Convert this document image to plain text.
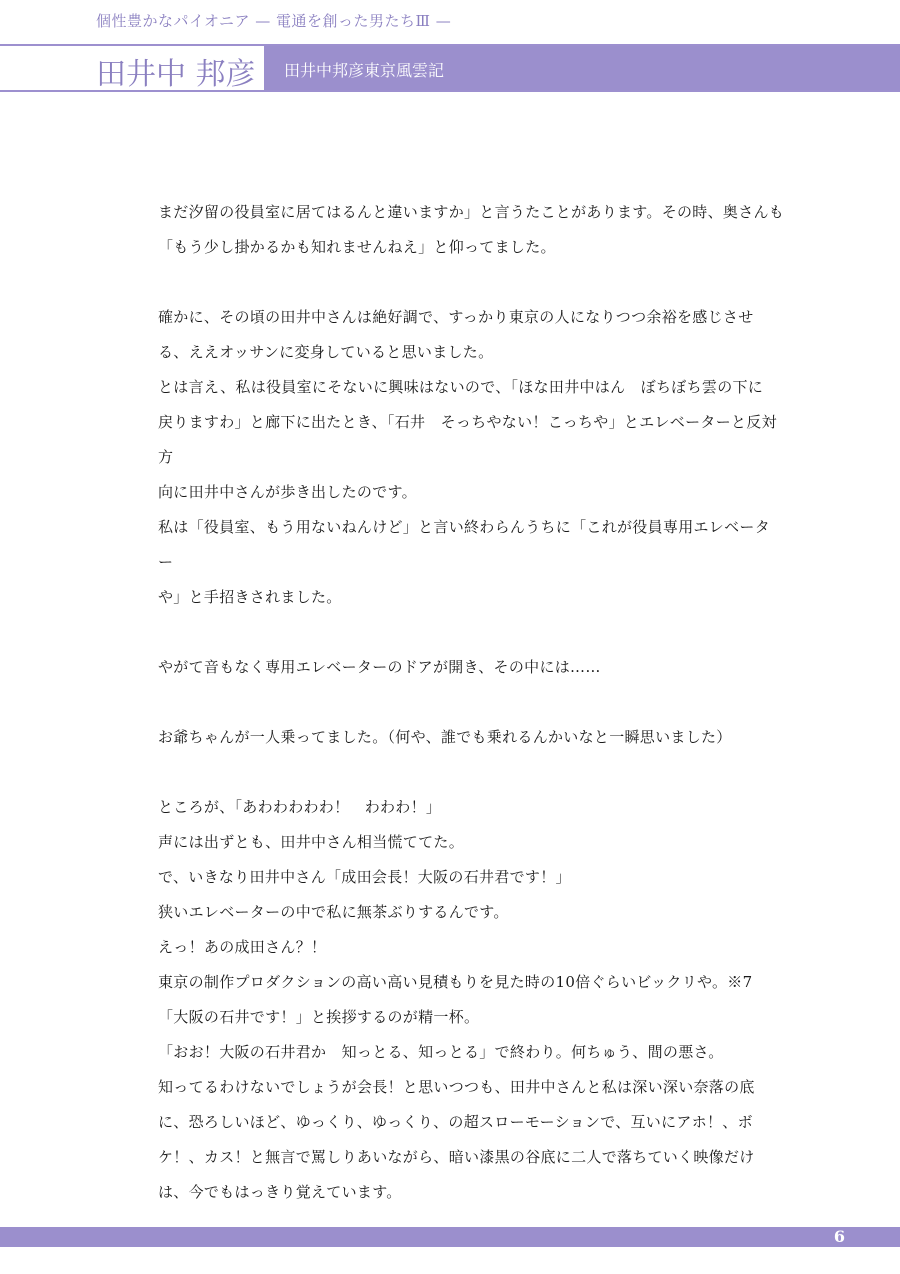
個性豊かなパイオニア — 電通を創った男たちⅢ —
田井中 邦彦 田井中邦彦東京風雲記
まだ汐留の役員室に居てはるんと違いますか」と言うたことがあります。その時、奥さんも
「もう少し掛かるかも知れませんねえ」と仰ってました。
確かに、その頃の田井中さんは絶好調で、すっかり東京の人になりつつ余裕を感じさせ
る、ええオッサンに変身していると思いました。
とは言え、私は役員室にそないに興味はないので、「ほな田井中はん　ぼちぼち雲の下に
戻りますわ」と廊下に出たとき、「石井　そっちやない！こっちや」とエレベーターと反対方
向に田井中さんが歩き出したのです。
私は「役員室、もう用ないねんけど」と言い終わらんうちに「これが役員専用エレベーター
や」と手招きされました。
やがて音もなく専用エレベーターのドアが開き、その中には……
お爺ちゃんが一人乗ってました。（何や、誰でも乗れるんかいなと一瞬思いました）
ところが、「あわわわわわ！　わわわ！」
声には出ずとも、田井中さん相当慌ててた。
で、いきなり田井中さん「成田会長！大阪の石井君です！」
狭いエレベーターの中で私に無茶ぶりするんです。
えっ！あの成田さん？！
東京の制作プロダクションの高い高い見積もりを見た時の10倍ぐらいビックリや。※7
「大阪の石井です！」と挨拶するのが精一杯。
「おお！大阪の石井君か　知っとる、知っとる」で終わり。何ちゅう、間の悪さ。
知ってるわけないでしょうが会長！と思いつつも、田井中さんと私は深い深い奈落の底
に、恐ろしいほど、ゆっくり、ゆっくり、の超スローモーションで、互いにアホ！、ボ
ケ！、カス！と無言で罵しりあいながら、暗い漆黒の谷底に二人で落ちていく映像だけ
は、今でもはっきり覚えています。
6
